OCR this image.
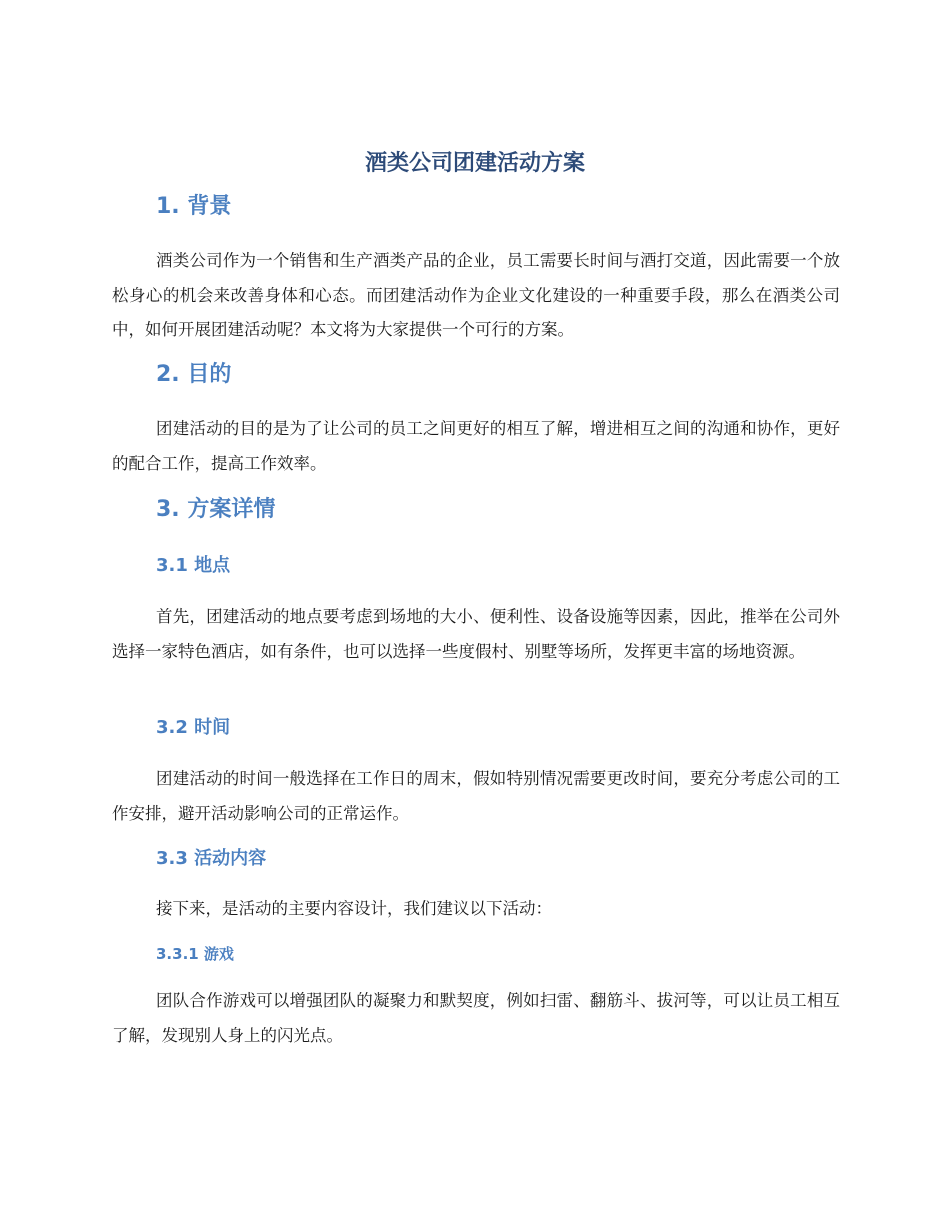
酒类公司团建活动方案
1. 背景

酒类公司作为一个销售和生产酒类产品的企业，员工需要长时间与酒打交道，因此需要一个放松身心的机会来改善身体和心态。而团建活动作为企业文化建设的一种重要手段，那么在酒类公司中，如何开展团建活动呢？本文将为大家提供一个可行的方案。

2. 目的

团建活动的目的是为了让公司的员工之间更好的相互了解，增进相互之间的沟通和协作，更好的配合工作，提高工作效率。

3. 方案详情
3.1 地点

首先，团建活动的地点要考虑到场地的大小、便利性、设备设施等因素，因此，推举在公司外选择一家特色酒店，如有条件，也可以选择一些度假村、别墅等场所，发挥更丰富的场地资源。

3.2 时间

团建活动的时间一般选择在工作日的周末，假如特别情况需要更改时间，要充分考虑公司的工作安排，避开活动影响公司的正常运作。

3.3 活动内容

接下来，是活动的主要内容设计，我们建议以下活动：

3.3.1 游戏

团队合作游戏可以增强团队的凝聚力和默契度，例如扫雷、翻筋斗、拔河等，可以让员工相互了解，发现别人身上的闪光点。
